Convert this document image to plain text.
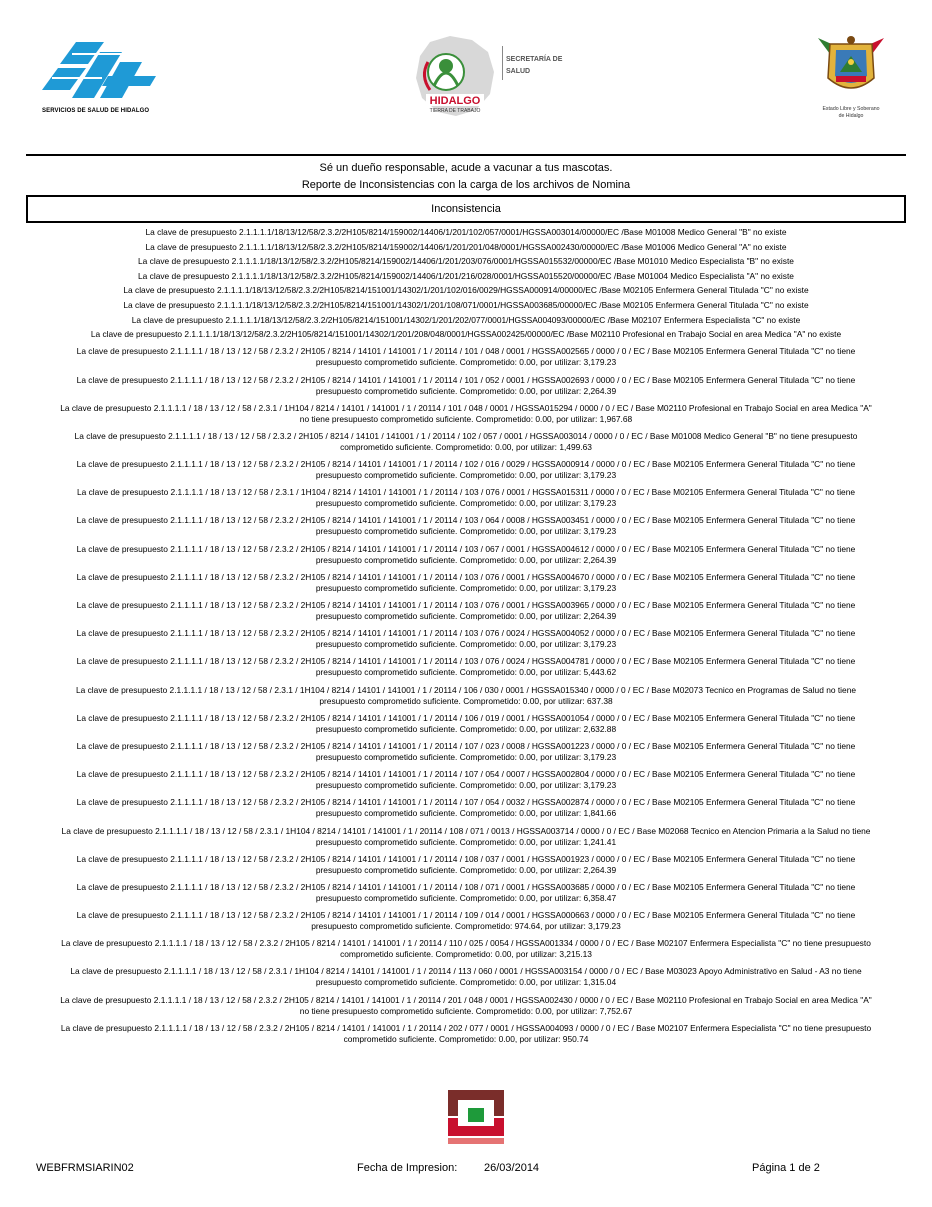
SERVICIOS DE SALUD DE HIDALGO
HIDALGO
TIERRA DE TRABAJO
SECRETARÍA DE
SALUD
Estado Libre y Soberano
de Hidalgo
Sé un dueño responsable, acude a vacunar a tus mascotas.
Reporte de Inconsistencias con la carga de los archivos de Nomina
Inconsistencia
La clave de presupuesto 2.1.1.1.1/18/13/12/58/2.3.2/2H105/8214/159002/14406/1/201/102/057/0001/HGSSA003014/00000/EC /Base M01008 Medico General "B" no existe
La clave de presupuesto 2.1.1.1.1/18/13/12/58/2.3.2/2H105/8214/159002/14406/1/201/201/048/0001/HGSSA002430/00000/EC /Base M01006 Medico General "A" no existe
La clave de presupuesto 2.1.1.1.1/18/13/12/58/2.3.2/2H105/8214/159002/14406/1/201/203/076/0001/HGSSA015532/00000/EC /Base M01010 Medico Especialista "B" no existe
La clave de presupuesto 2.1.1.1.1/18/13/12/58/2.3.2/2H105/8214/159002/14406/1/201/216/028/0001/HGSSA015520/00000/EC /Base M01004 Medico Especialista "A" no existe
La clave de presupuesto 2.1.1.1.1/18/13/12/58/2.3.2/2H105/8214/151001/14302/1/201/102/016/0029/HGSSA000914/00000/EC /Base M02105 Enfermera General Titulada "C" no existe
La clave de presupuesto 2.1.1.1.1/18/13/12/58/2.3.2/2H105/8214/151001/14302/1/201/108/071/0001/HGSSA003685/00000/EC /Base M02105 Enfermera General Titulada "C" no existe
La clave de presupuesto 2.1.1.1.1/18/13/12/58/2.3.2/2H105/8214/151001/14302/1/201/202/077/0001/HGSSA004093/00000/EC /Base M02107 Enfermera Especialista "C" no existe
La clave de presupuesto 2.1.1.1.1/18/13/12/58/2.3.2/2H105/8214/151001/14302/1/201/208/048/0001/HGSSA002425/00000/EC /Base M02110 Profesional en Trabajo Social en area Medica "A" no existe
La clave de presupuesto 2.1.1.1.1 / 18 / 13 / 12 / 58 / 2.3.2 / 2H105 / 8214 / 14101 / 141001 / 1 / 20114 / 101 / 048 / 0001 / HGSSA002565 / 0000 / 0 / EC / Base M02105 Enfermera General Titulada "C" no tiene presupuesto comprometido suficiente. Comprometido: 0.00, por utilizar: 3,179.23
La clave de presupuesto 2.1.1.1.1 / 18 / 13 / 12 / 58 / 2.3.2 / 2H105 / 8214 / 14101 / 141001 / 1 / 20114 / 101 / 052 / 0001 / HGSSA002693 / 0000 / 0 / EC / Base M02105 Enfermera General Titulada "C" no tiene presupuesto comprometido suficiente. Comprometido: 0.00, por utilizar: 2,264.39
La clave de presupuesto 2.1.1.1.1 / 18 / 13 / 12 / 58 / 2.3.1 / 1H104 / 8214 / 14101 / 141001 / 1 / 20114 / 101 / 048 / 0001 / HGSSA015294 / 0000 / 0 / EC / Base M02110 Profesional en Trabajo Social en area Medica "A" no tiene presupuesto comprometido suficiente. Comprometido: 0.00, por utilizar: 1,967.68
La clave de presupuesto 2.1.1.1.1 / 18 / 13 / 12 / 58 / 2.3.2 / 2H105 / 8214 / 14101 / 141001 / 1 / 20114 / 102 / 057 / 0001 / HGSSA003014 / 0000 / 0 / EC / Base M01008 Medico General "B" no tiene presupuesto comprometido suficiente. Comprometido: 0.00, por utilizar: 1,499.63
La clave de presupuesto 2.1.1.1.1 / 18 / 13 / 12 / 58 / 2.3.2 / 2H105 / 8214 / 14101 / 141001 / 1 / 20114 / 102 / 016 / 0029 / HGSSA000914 / 0000 / 0 / EC / Base M02105 Enfermera General Titulada "C" no tiene presupuesto comprometido suficiente. Comprometido: 0.00, por utilizar: 3,179.23
La clave de presupuesto 2.1.1.1.1 / 18 / 13 / 12 / 58 / 2.3.1 / 1H104 / 8214 / 14101 / 141001 / 1 / 20114 / 103 / 076 / 0001 / HGSSA015311 / 0000 / 0 / EC / Base M02105 Enfermera General Titulada "C" no tiene presupuesto comprometido suficiente. Comprometido: 0.00, por utilizar: 3,179.23
La clave de presupuesto 2.1.1.1.1 / 18 / 13 / 12 / 58 / 2.3.2 / 2H105 / 8214 / 14101 / 141001 / 1 / 20114 / 103 / 064 / 0008 / HGSSA003451 / 0000 / 0 / EC / Base M02105 Enfermera General Titulada "C" no tiene presupuesto comprometido suficiente. Comprometido: 0.00, por utilizar: 3,179.23
La clave de presupuesto 2.1.1.1.1 / 18 / 13 / 12 / 58 / 2.3.2 / 2H105 / 8214 / 14101 / 141001 / 1 / 20114 / 103 / 067 / 0001 / HGSSA004612 / 0000 / 0 / EC / Base M02105 Enfermera General Titulada "C" no tiene presupuesto comprometido suficiente. Comprometido: 0.00, por utilizar: 2,264.39
La clave de presupuesto 2.1.1.1.1 / 18 / 13 / 12 / 58 / 2.3.2 / 2H105 / 8214 / 14101 / 141001 / 1 / 20114 / 103 / 076 / 0001 / HGSSA004670 / 0000 / 0 / EC / Base M02105 Enfermera General Titulada "C" no tiene presupuesto comprometido suficiente. Comprometido: 0.00, por utilizar: 3,179.23
La clave de presupuesto 2.1.1.1.1 / 18 / 13 / 12 / 58 / 2.3.2 / 2H105 / 8214 / 14101 / 141001 / 1 / 20114 / 103 / 076 / 0001 / HGSSA003965 / 0000 / 0 / EC / Base M02105 Enfermera General Titulada "C" no tiene presupuesto comprometido suficiente. Comprometido: 0.00, por utilizar: 2,264.39
La clave de presupuesto 2.1.1.1.1 / 18 / 13 / 12 / 58 / 2.3.2 / 2H105 / 8214 / 14101 / 141001 / 1 / 20114 / 103 / 076 / 0024 / HGSSA004052 / 0000 / 0 / EC / Base M02105 Enfermera General Titulada "C" no tiene presupuesto comprometido suficiente. Comprometido: 0.00, por utilizar: 3,179.23
La clave de presupuesto 2.1.1.1.1 / 18 / 13 / 12 / 58 / 2.3.2 / 2H105 / 8214 / 14101 / 141001 / 1 / 20114 / 103 / 076 / 0024 / HGSSA004781 / 0000 / 0 / EC / Base M02105 Enfermera General Titulada "C" no tiene presupuesto comprometido suficiente. Comprometido: 0.00, por utilizar: 5,443.62
La clave de presupuesto 2.1.1.1.1 / 18 / 13 / 12 / 58 / 2.3.1 / 1H104 / 8214 / 14101 / 141001 / 1 / 20114 / 106 / 030 / 0001 / HGSSA015340 / 0000 / 0 / EC / Base M02073 Tecnico en Programas de Salud no tiene presupuesto comprometido suficiente. Comprometido: 0.00, por utilizar: 637.38
La clave de presupuesto 2.1.1.1.1 / 18 / 13 / 12 / 58 / 2.3.2 / 2H105 / 8214 / 14101 / 141001 / 1 / 20114 / 106 / 019 / 0001 / HGSSA001054 / 0000 / 0 / EC / Base M02105 Enfermera General Titulada "C" no tiene presupuesto comprometido suficiente. Comprometido: 0.00, por utilizar: 2,632.88
La clave de presupuesto 2.1.1.1.1 / 18 / 13 / 12 / 58 / 2.3.2 / 2H105 / 8214 / 14101 / 141001 / 1 / 20114 / 107 / 023 / 0008 / HGSSA001223 / 0000 / 0 / EC / Base M02105 Enfermera General Titulada "C" no tiene presupuesto comprometido suficiente. Comprometido: 0.00, por utilizar: 3,179.23
La clave de presupuesto 2.1.1.1.1 / 18 / 13 / 12 / 58 / 2.3.2 / 2H105 / 8214 / 14101 / 141001 / 1 / 20114 / 107 / 054 / 0007 / HGSSA002804 / 0000 / 0 / EC / Base M02105 Enfermera General Titulada "C" no tiene presupuesto comprometido suficiente. Comprometido: 0.00, por utilizar: 3,179.23
La clave de presupuesto 2.1.1.1.1 / 18 / 13 / 12 / 58 / 2.3.2 / 2H105 / 8214 / 14101 / 141001 / 1 / 20114 / 107 / 054 / 0032 / HGSSA002874 / 0000 / 0 / EC / Base M02105 Enfermera General Titulada "C" no tiene presupuesto comprometido suficiente. Comprometido: 0.00, por utilizar: 1,841.66
La clave de presupuesto 2.1.1.1.1 / 18 / 13 / 12 / 58 / 2.3.1 / 1H104 / 8214 / 14101 / 141001 / 1 / 20114 / 108 / 071 / 0013 / HGSSA003714 / 0000 / 0 / EC / Base M02068 Tecnico en Atencion Primaria a la Salud no tiene presupuesto comprometido suficiente. Comprometido: 0.00, por utilizar: 1,241.41
La clave de presupuesto 2.1.1.1.1 / 18 / 13 / 12 / 58 / 2.3.2 / 2H105 / 8214 / 14101 / 141001 / 1 / 20114 / 108 / 037 / 0001 / HGSSA001923 / 0000 / 0 / EC / Base M02105 Enfermera General Titulada "C" no tiene presupuesto comprometido suficiente. Comprometido: 0.00, por utilizar: 2,264.39
La clave de presupuesto 2.1.1.1.1 / 18 / 13 / 12 / 58 / 2.3.2 / 2H105 / 8214 / 14101 / 141001 / 1 / 20114 / 108 / 071 / 0001 / HGSSA003685 / 0000 / 0 / EC / Base M02105 Enfermera General Titulada "C" no tiene presupuesto comprometido suficiente. Comprometido: 0.00, por utilizar: 6,358.47
La clave de presupuesto 2.1.1.1.1 / 18 / 13 / 12 / 58 / 2.3.2 / 2H105 / 8214 / 14101 / 141001 / 1 / 20114 / 109 / 014 / 0001 / HGSSA000663 / 0000 / 0 / EC / Base M02105 Enfermera General Titulada "C" no tiene presupuesto comprometido suficiente. Comprometido: 974.64, por utilizar: 3,179.23
La clave de presupuesto 2.1.1.1.1 / 18 / 13 / 12 / 58 / 2.3.2 / 2H105 / 8214 / 14101 / 141001 / 1 / 20114 / 110 / 025 / 0054 / HGSSA001334 / 0000 / 0 / EC / Base M02107 Enfermera Especialista "C" no tiene presupuesto comprometido suficiente. Comprometido: 0.00, por utilizar: 3,215.13
La clave de presupuesto 2.1.1.1.1 / 18 / 13 / 12 / 58 / 2.3.1 / 1H104 / 8214 / 14101 / 141001 / 1 / 20114 / 113 / 060 / 0001 / HGSSA003154 / 0000 / 0 / EC / Base M03023 Apoyo Administrativo en Salud - A3 no tiene presupuesto comprometido suficiente. Comprometido: 0.00, por utilizar: 1,315.04
La clave de presupuesto 2.1.1.1.1 / 18 / 13 / 12 / 58 / 2.3.2 / 2H105 / 8214 / 14101 / 141001 / 1 / 20114 / 201 / 048 / 0001 / HGSSA002430 / 0000 / 0 / EC / Base M02110 Profesional en Trabajo Social en area Medica "A" no tiene presupuesto comprometido suficiente. Comprometido: 0.00, por utilizar: 7,752.67
La clave de presupuesto 2.1.1.1.1 / 18 / 13 / 12 / 58 / 2.3.2 / 2H105 / 8214 / 14101 / 141001 / 1 / 20114 / 202 / 077 / 0001 / HGSSA004093 / 0000 / 0 / EC / Base M02107 Enfermera Especialista "C" no tiene presupuesto comprometido suficiente. Comprometido: 0.00, por utilizar: 950.74
WEBFRMSIARIN02	Fecha de Impresion: 26/03/2014	Página 1 de 2
